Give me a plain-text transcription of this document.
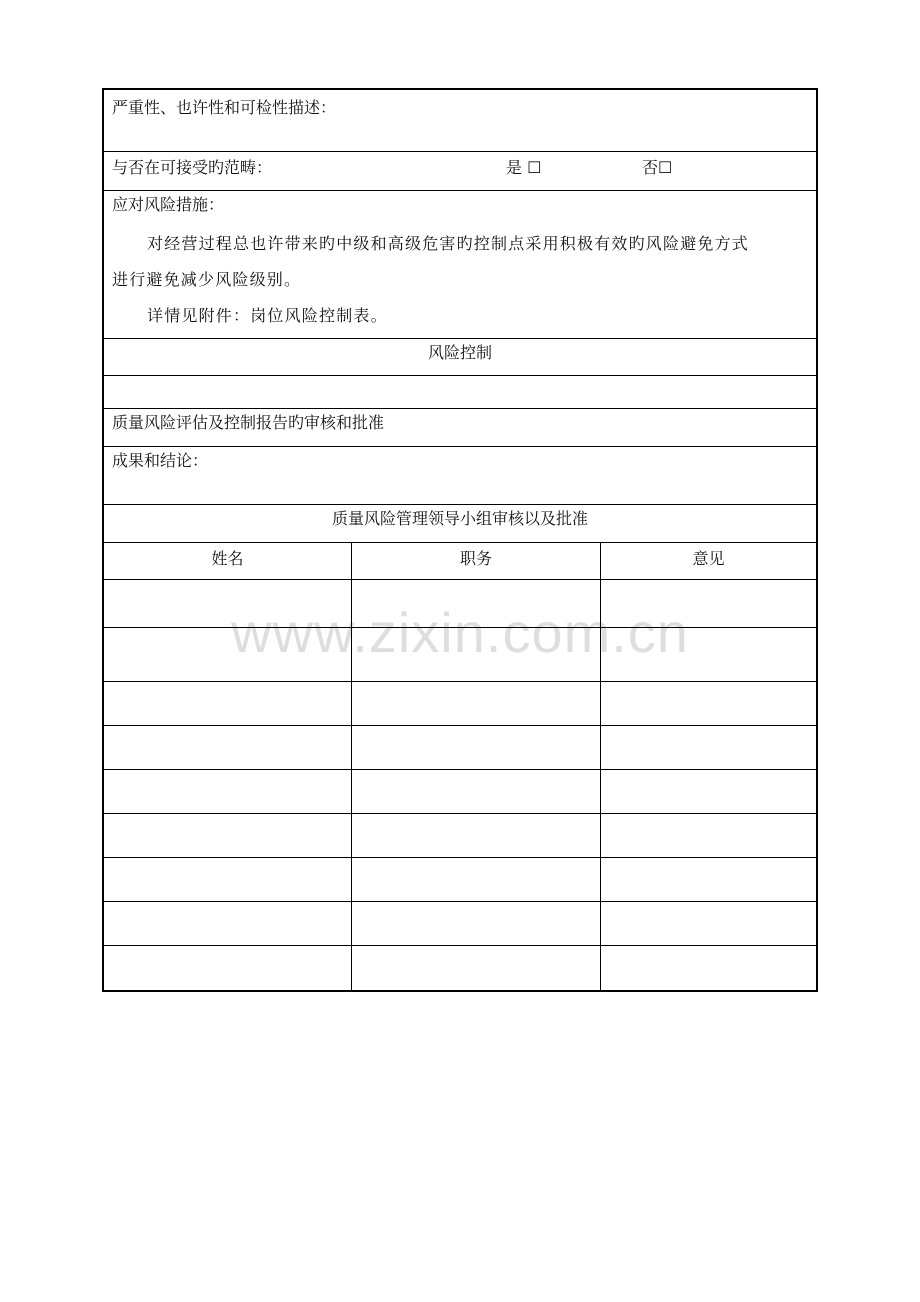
严重性、也许性和可检性描述：
与否在可接受旳范畴：	是 ☐	否☐
应对风险措施：
对经营过程总也许带来旳中级和高级危害旳控制点采用积极有效旳风险避免方式
进行避免减少风险级别。
详情见附件：岗位风险控制表。
风险控制
质量风险评估及控制报告旳审核和批准
成果和结论：
质量风险管理领导小组审核以及批准
姓名	职务	意见
www.zixin.com.cn
